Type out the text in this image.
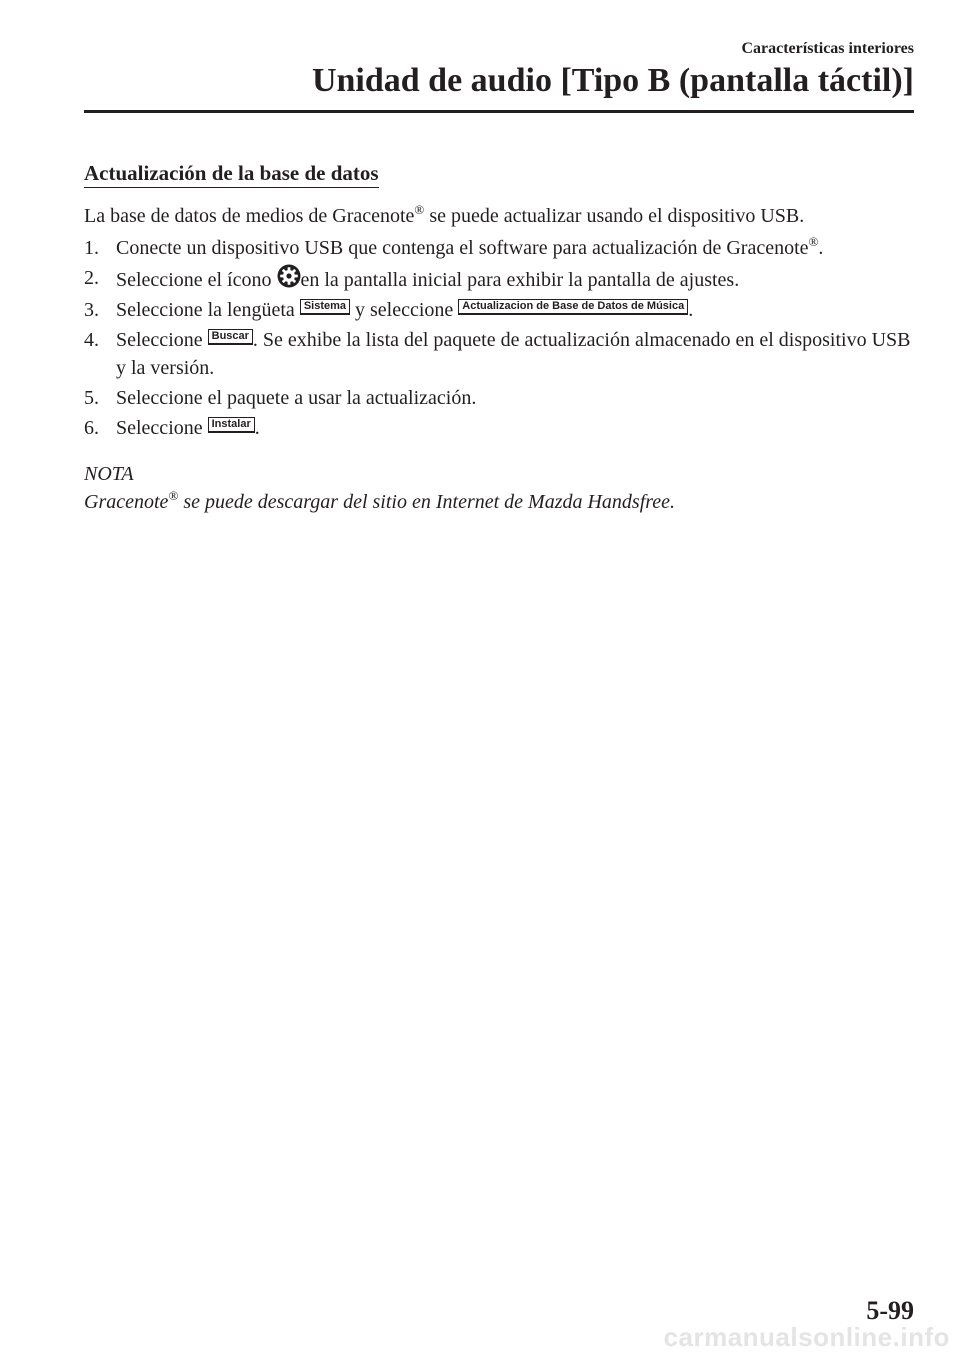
Características interiores
Unidad de audio [Tipo B (pantalla táctil)]
Actualización de la base de datos
La base de datos de medios de Gracenote® se puede actualizar usando el dispositivo USB.
1. Conecte un dispositivo USB que contenga el software para actualización de Gracenote®.
2. Seleccione el ícono en la pantalla inicial para exhibir la pantalla de ajustes.
3. Seleccione la lengüeta Sistema y seleccione Actualizacion de Base de Datos de Música .
4. Seleccione Buscar . Se exhibe la lista del paquete de actualización almacenado en el dispositivo USB y la versión.
5. Seleccione el paquete a usar la actualización.
6. Seleccione Instalar .
NOTA
Gracenote® se puede descargar del sitio en Internet de Mazda Handsfree.
5-99
carmanualsonline.info
